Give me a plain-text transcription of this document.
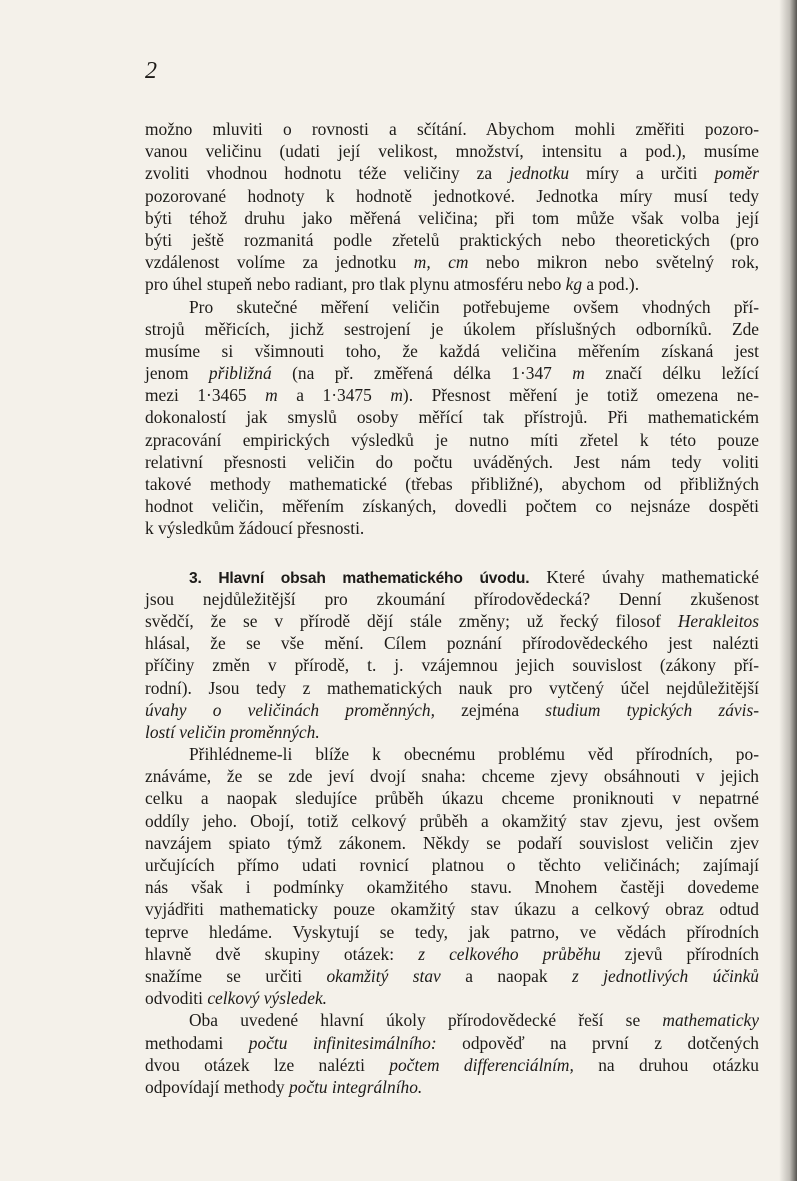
2
možno mluviti o rovnosti a sčítání. Abychom mohli změřiti pozoro-
vanou veličinu (udati její velikost, množství, intensitu a pod.), musíme
zvoliti vhodnou hodnotu téže veličiny za jednotku míry a určiti poměr
pozorované hodnoty k hodnotě jednotkové. Jednotka míry musí tedy
býti téhož druhu jako měřená veličina; při tom může však volba její
býti ještě rozmanitá podle zřetelů praktických nebo theoretických (pro
vzdálenost volíme za jednotku m, cm nebo mikron nebo světelný rok,
pro úhel stupeň nebo radiant, pro tlak plynu atmosféru nebo kg a pod.).
Pro skutečné měření veličin potřebujeme ovšem vhodných pří-
strojů měřicích, jichž sestrojení je úkolem příslušných odborníků. Zde
musíme si všimnouti toho, že každá veličina měřením získaná jest
jenom přibližná (na př. změřená délka 1·347 m značí délku ležící
mezi 1·3465 m a 1·3475 m). Přesnost měření je totiž omezena ne-
dokonalostí jak smyslů osoby měřící tak přístrojů. Při mathematickém
zpracování empirických výsledků je nutno míti zřetel k této pouze
relativní přesnosti veličin do počtu uváděných. Jest nám tedy voliti
takové methody mathematické (třebas přibližné), abychom od přibližných
hodnot veličin, měřením získaných, dovedli počtem co nejsnáze dospěti
k výsledkům žádoucí přesnosti.
3. Hlavní obsah mathematického úvodu. Které úvahy mathematické
jsou nejdůležitější pro zkoumání přírodovědecká? Denní zkušenost
svědčí, že se v přírodě dějí stále změny; už řecký filosof Herakleitos
hlásal, že se vše mění. Cílem poznání přírodovědeckého jest nalézti
příčiny změn v přírodě, t. j. vzájemnou jejich souvislost (zákony pří-
rodní). Jsou tedy z mathematických nauk pro vytčený účel nejdůležitější
úvahy o veličinách proměnných, zejména studium typických závis-
lostí veličin proměnných.
Přihlédneme-li blíže k obecnému problému věd přírodních, po-
znáváme, že se zde jeví dvojí snaha: chceme zjevy obsáhnouti v jejich
celku a naopak sledujíce průběh úkazu chceme proniknouti v nepatrné
oddíly jeho. Obojí, totiž celkový průběh a okamžitý stav zjevu, jest ovšem
navzájem spiato týmž zákonem. Někdy se podaří souvislost veličin zjev
určujících přímo udati rovnicí platnou o těchto veličinách; zajímají
nás však i podmínky okamžitého stavu. Mnohem častěji dovedeme
vyjádřiti mathematicky pouze okamžitý stav úkazu a celkový obraz odtud
teprve hledáme. Vyskytují se tedy, jak patrno, ve vědách přírodních
hlavně dvě skupiny otázek: z celkového průběhu zjevů přírodních
snažíme se určiti okamžitý stav a naopak z jednotlivých účinků
odvoditi celkový výsledek.
Oba uvedené hlavní úkoly přírodovědecké řeší se mathematicky
methodami počtu infinitesimálního: odpověď na první z dotčených
dvou otázek lze nalézti počtem differenciálním, na druhou otázku
odpovídají methody počtu integrálního.
